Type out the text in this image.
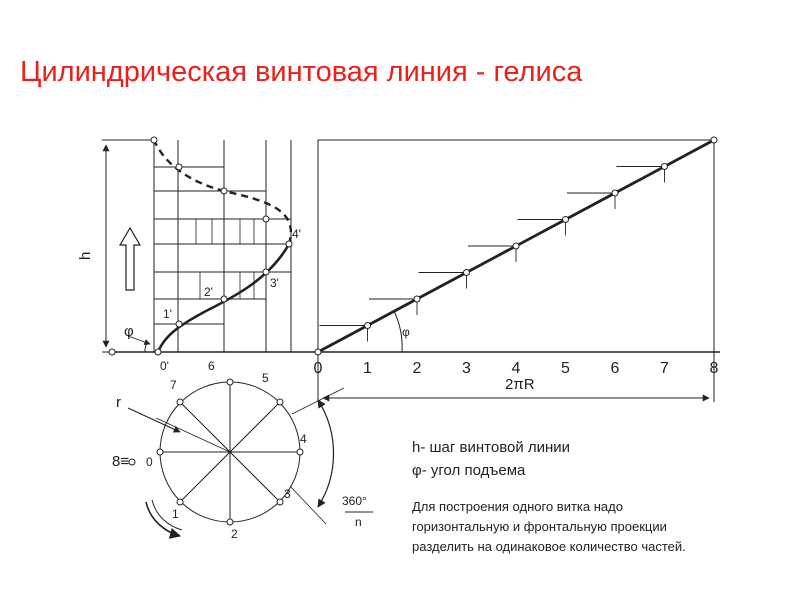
Цилиндрическая винтовая линия - гелиса
h
φ
0'
1'
2'
3'
4'
0	1	2	3	4	5	6	7	8
2πR
φ
r
0
1
2
3
4
5
6
7
8≡
360°
n
h- шаг винтовой линии
φ- угол подъема
Для построения одного витка надо
горизонтальную и фронтальную проекции
разделить на одинаковое количество частей.
